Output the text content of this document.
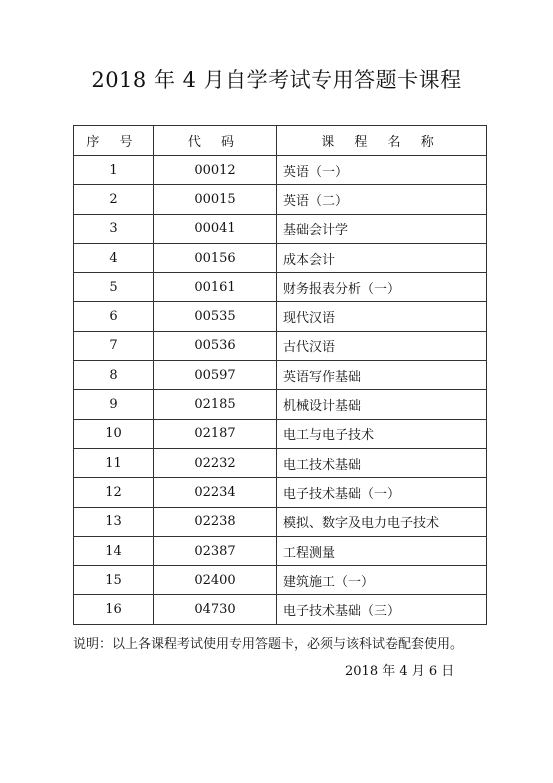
2018 年 4 月自学考试专用答题卡课程
序 号	代 码	课 程 名 称
1	00012	英语（一）
2	00015	英语（二）
3	00041	基础会计学
4	00156	成本会计
5	00161	财务报表分析（一）
6	00535	现代汉语
7	00536	古代汉语
8	00597	英语写作基础
9	02185	机械设计基础
10	02187	电工与电子技术
11	02232	电工技术基础
12	02234	电子技术基础（一）
13	02238	模拟、数字及电力电子技术
14	02387	工程测量
15	02400	建筑施工（一）
16	04730	电子技术基础（三）
说明：以上各课程考试使用专用答题卡，必须与该科试卷配套使用。
2018 年 4 月 6 日
